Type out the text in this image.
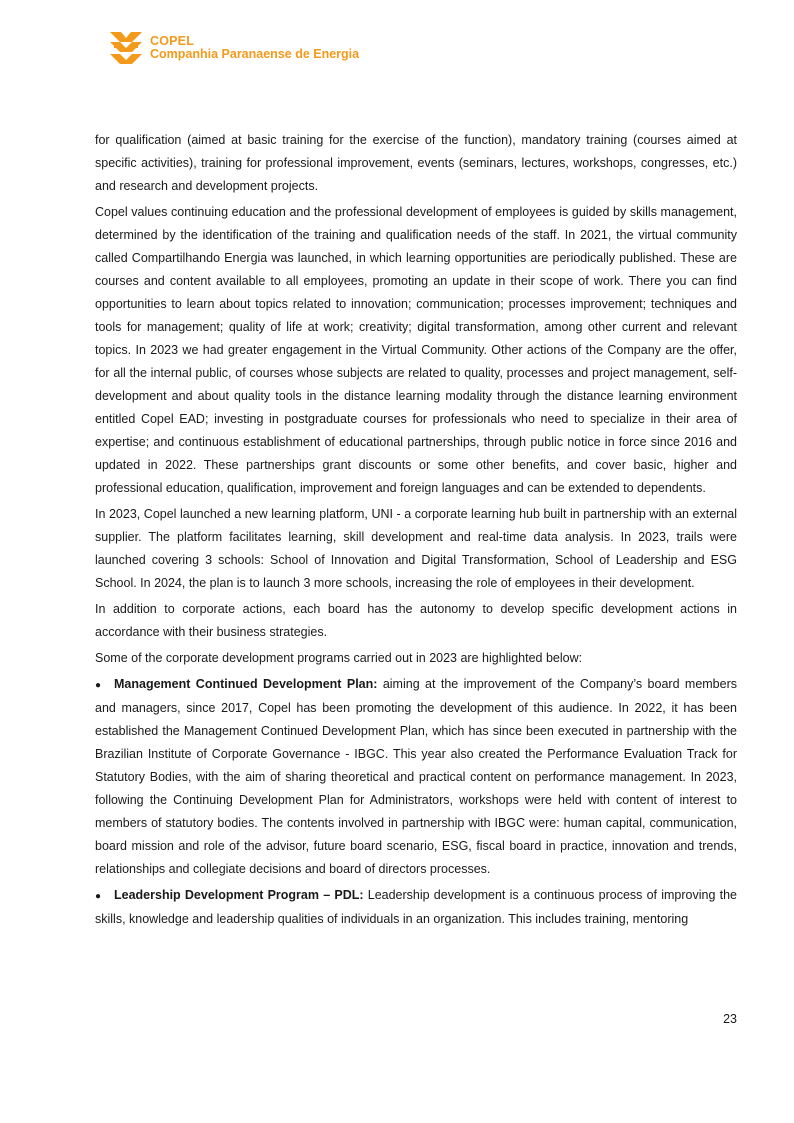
COPEL
Companhia Paranaense de Energia

for qualification (aimed at basic training for the exercise of the function), mandatory training (courses aimed at specific activities), training for professional improvement, events (seminars, lectures, workshops, congresses, etc.) and research and development projects.

Copel values continuing education and the professional development of employees is guided by skills management, determined by the identification of the training and qualification needs of the staff. In 2021, the virtual community called Compartilhando Energia was launched, in which learning opportunities are periodically published. These are courses and content available to all employees, promoting an update in their scope of work. There you can find opportunities to learn about topics related to innovation; communication; processes improvement; techniques and tools for management; quality of life at work; creativity; digital transformation, among other current and relevant topics. In 2023 we had greater engagement in the Virtual Community. Other actions of the Company are the offer, for all the internal public, of courses whose subjects are related to quality, processes and project management, self-development and about quality tools in the distance learning modality through the distance learning environment entitled Copel EAD; investing in postgraduate courses for professionals who need to specialize in their area of expertise; and continuous establishment of educational partnerships, through public notice in force since 2016 and updated in 2022. These partnerships grant discounts or some other benefits, and cover basic, higher and professional education, qualification, improvement and foreign languages and can be extended to dependents.

In 2023, Copel launched a new learning platform, UNI - a corporate learning hub built in partnership with an external supplier. The platform facilitates learning, skill development and real-time data analysis. In 2023, trails were launched covering 3 schools: School of Innovation and Digital Transformation, School of Leadership and ESG School. In 2024, the plan is to launch 3 more schools, increasing the role of employees in their development.

In addition to corporate actions, each board has the autonomy to develop specific development actions in accordance with their business strategies.

Some of the corporate development programs carried out in 2023 are highlighted below:

● Management Continued Development Plan: aiming at the improvement of the Company’s board members and managers, since 2017, Copel has been promoting the development of this audience. In 2022, it has been established the Management Continued Development Plan, which has since been executed in partnership with the Brazilian Institute of Corporate Governance - IBGC. This year also created the Performance Evaluation Track for Statutory Bodies, with the aim of sharing theoretical and practical content on performance management. In 2023, following the Continuing Development Plan for Administrators, workshops were held with content of interest to members of statutory bodies. The contents involved in partnership with IBGC were: human capital, communication, board mission and role of the advisor, future board scenario, ESG, fiscal board in practice, innovation and trends, relationships and collegiate decisions and board of directors processes.

● Leadership Development Program – PDL: Leadership development is a continuous process of improving the skills, knowledge and leadership qualities of individuals in an organization. This includes training, mentoring

23
